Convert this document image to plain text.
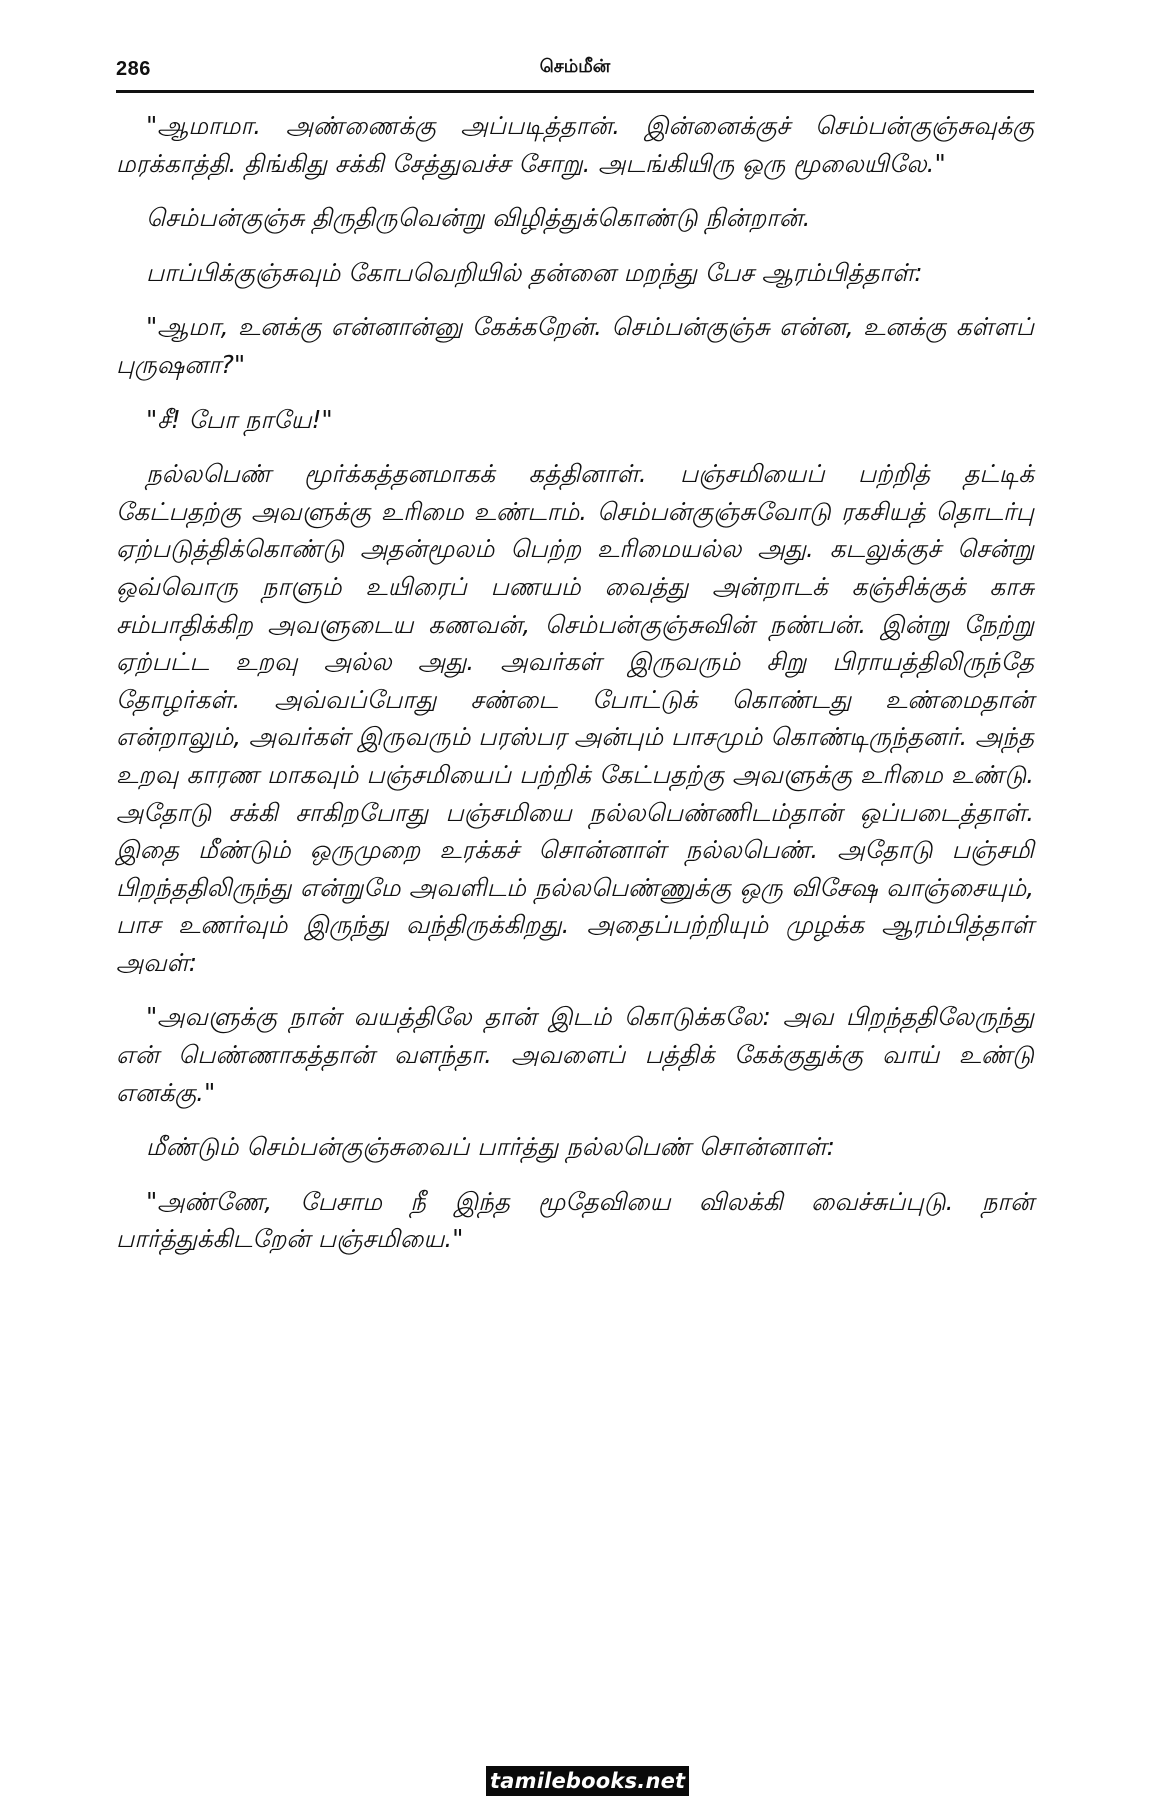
286	செம்மீன்

"ஆமாமா. அண்ணைக்கு அப்படித்தான். இன்னைக்குச் செம்பன்குஞ்சுவுக்கு மரக்காத்தி. திங்கிது சக்கி சேத்துவச்ச சோறு. அடங்கியிரு ஒரு மூலையிலே."

செம்பன்குஞ்சு திருதிருவென்று விழித்துக்கொண்டு நின்றான்.

பாப்பிக்குஞ்சுவும் கோபவெறியில் தன்னை மறந்து பேச ஆரம்பித்தாள்:

"ஆமா, உனக்கு என்னான்னு கேக்கறேன். செம்பன்குஞ்சு என்ன, உனக்கு கள்ளப் புருஷனா?"

"சீ! போ நாயே!"

நல்லபெண் மூர்க்கத்தனமாகக் கத்தினாள். பஞ்சமியைப் பற்றித் தட்டிக் கேட்பதற்கு அவளுக்கு உரிமை உண்டாம். செம்பன்குஞ்சுவோடு ரகசியத் தொடர்பு ஏற்படுத்திக்கொண்டு அதன்மூலம் பெற்ற உரிமையல்ல அது. கடலுக்குச் சென்று ஒவ்வொரு நாளும் உயிரைப் பணயம் வைத்து அன்றாடக் கஞ்சிக்குக் காசு சம்பாதிக்கிற அவளுடைய கணவன், செம்பன்குஞ்சுவின் நண்பன். இன்று நேற்று ஏற்பட்ட உறவு அல்ல அது. அவர்கள் இருவரும் சிறு பிராயத்திலிருந்தே தோழர்கள். அவ்வப்போது சண்டை போட்டுக் கொண்டது உண்மைதான் என்றாலும், அவர்கள் இருவரும் பரஸ்பர அன்பும் பாசமும் கொண்டிருந்தனர். அந்த உறவு காரண மாகவும் பஞ்சமியைப் பற்றிக் கேட்பதற்கு அவளுக்கு உரிமை உண்டு. அதோடு சக்கி சாகிறபோது பஞ்சமியை நல்லபெண்ணிடம்தான் ஒப்படைத்தாள். இதை மீண்டும் ஒருமுறை உரக்கச் சொன்னாள் நல்லபெண். அதோடு பஞ்சமி பிறந்ததிலிருந்து என்றுமே அவளிடம் நல்லபெண்ணுக்கு ஒரு விசேஷ வாஞ்சையும், பாச உணர்வும் இருந்து வந்திருக்கிறது. அதைப்பற்றியும் முழக்க ஆரம்பித்தாள் அவள்:

"அவளுக்கு நான் வயத்திலே தான் இடம் கொடுக்கலே: அவ பிறந்ததிலேருந்து என் பெண்ணாகத்தான் வளந்தா. அவளைப் பத்திக் கேக்குதுக்கு வாய் உண்டு எனக்கு."

மீண்டும் செம்பன்குஞ்சுவைப் பார்த்து நல்லபெண் சொன்னாள்:

"அண்ணே, பேசாம நீ இந்த மூதேவியை விலக்கி வைச்சுப்புடு. நான் பார்த்துக்கிடறேன் பஞ்சமியை."

tamilebooks.net
